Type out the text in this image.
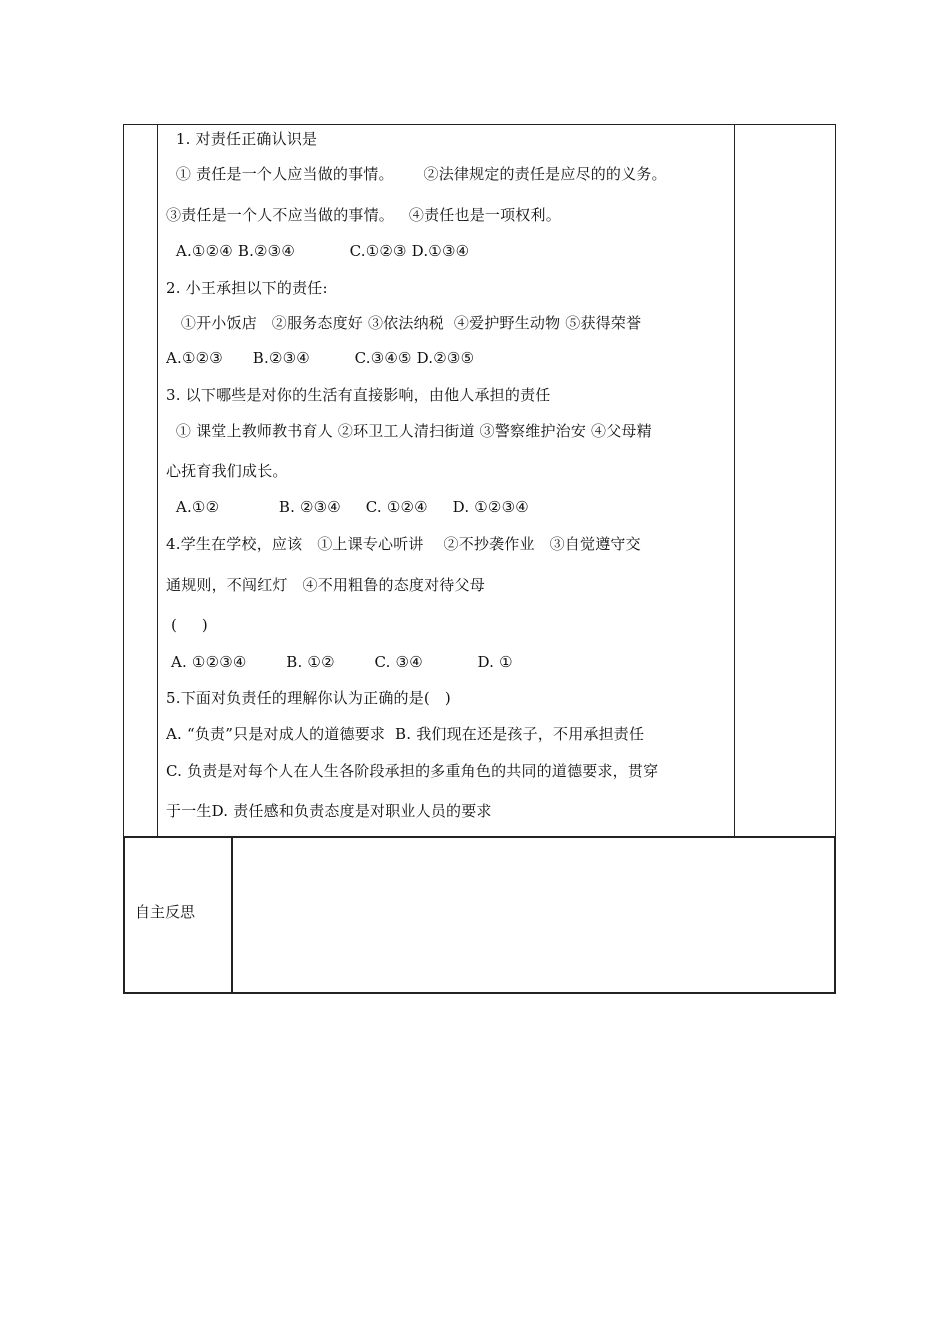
1. 对责任正确认识是
① 责任是一个人应当做的事情。      ②法律规定的责任是应尽的的义务。
③责任是一个人不应当做的事情。   ④责任也是一项权利。
A.①②④ B.②③④           C.①②③ D.①③④
2. 小王承担以下的责任:
①开小饭店   ②服务态度好 ③依法纳税  ④爱护野生动物 ⑤获得荣誉
A.①②③      B.②③④         C.③④⑤ D.②③⑤
3. 以下哪些是对你的生活有直接影响，由他人承担的责任
① 课堂上教师教书育人 ②环卫工人清扫街道 ③警察维护治安 ④父母精
心抚育我们成长。
A.①②            B. ②③④     C. ①②④     D. ①②③④
4.学生在学校，应该   ①上课专心听讲    ②不抄袭作业   ③自觉遵守交
通规则，不闯红灯   ④不用粗鲁的态度对待父母
(     )
A. ①②③④        B. ①②        C. ③④           D. ①
5.下面对负责任的理解你认为正确的是(   )
A. “负责”只是对成人的道德要求  B. 我们现在还是孩子，不用承担责任
C. 负责是对每个人在人生各阶段承担的多重角色的共同的道德要求，贯穿
于一生D. 责任感和负责态度是对职业人员的要求
自主反思
